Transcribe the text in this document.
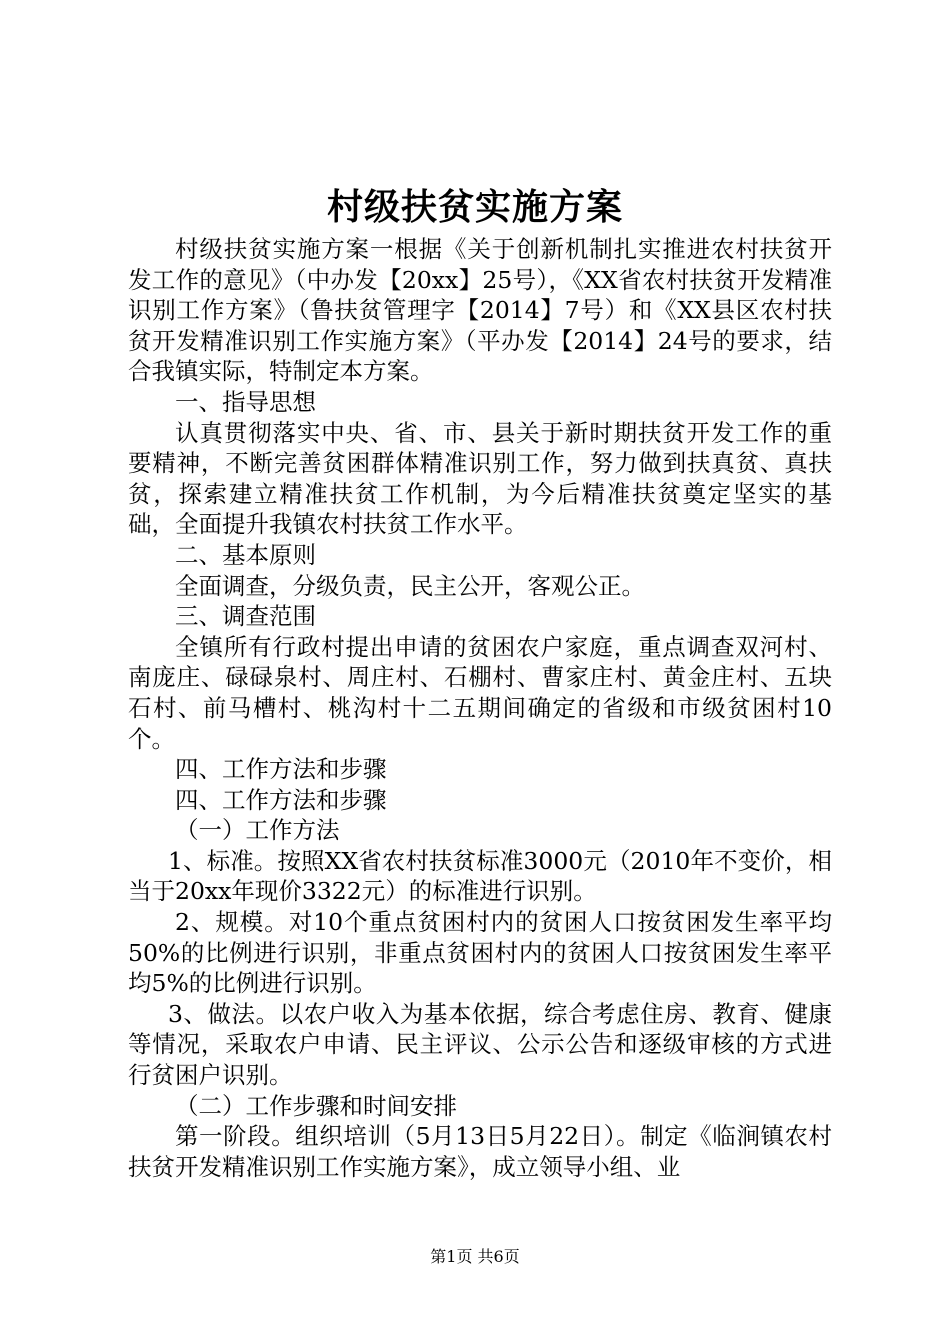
村级扶贫实施方案

村级扶贫实施方案一根据《关于创新机制扎实推进农村扶贫开发工作的意见》（中办发【20xx】25号），《XX省农村扶贫开发精准识别工作方案》（鲁扶贫管理字【2014】7号）和《XX县区农村扶贫开发精准识别工作实施方案》（平办发【2014】24号的要求，结合我镇实际，特制定本方案。

一、指导思想

认真贯彻落实中央、省、市、县关于新时期扶贫开发工作的重要精神，不断完善贫困群体精准识别工作，努力做到扶真贫、真扶贫，探索建立精准扶贫工作机制，为今后精准扶贫奠定坚实的基础，全面提升我镇农村扶贫工作水平。

二、基本原则

全面调查，分级负责，民主公开，客观公正。

三、调查范围

全镇所有行政村提出申请的贫困农户家庭，重点调查双河村、南庞庄、碌碌泉村、周庄村、石棚村、曹家庄村、黄金庄村、五块石村、前马槽村、桃沟村十二五期间确定的省级和市级贫困村10个。

四、工作方法和步骤

四、工作方法和步骤

（一）工作方法

1、标准。按照XX省农村扶贫标准3000元（2010年不变价，相当于20xx年现价3322元）的标准进行识别。

2、规模。对10个重点贫困村内的贫困人口按贫困发生率平均50%的比例进行识别，非重点贫困村内的贫困人口按贫困发生率平均5%的比例进行识别。

3、做法。以农户收入为基本依据，综合考虑住房、教育、健康等情况，采取农户申请、民主评议、公示公告和逐级审核的方式进行贫困户识别。

（二）工作步骤和时间安排

第一阶段。组织培训（5月13日5月22日）。制定《临涧镇农村扶贫开发精准识别工作实施方案》，成立领导小组、业

第1页 共6页
